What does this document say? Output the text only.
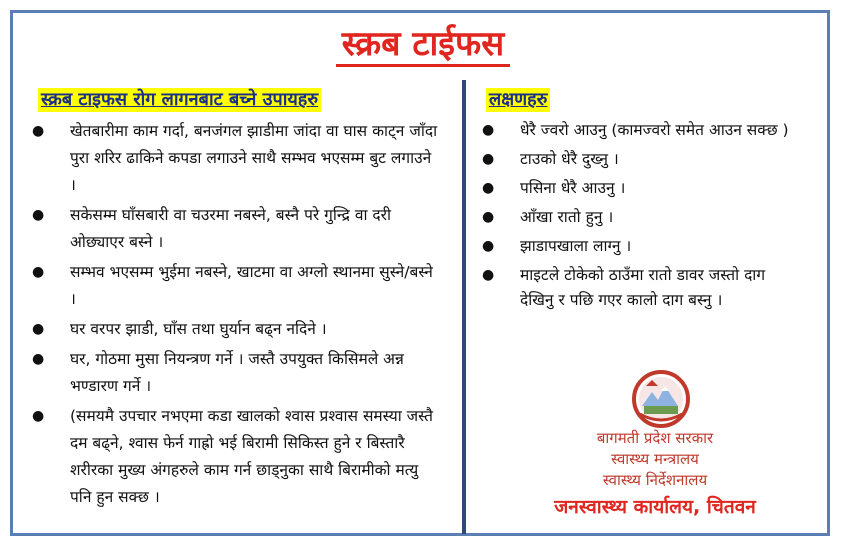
स्क्रब टाईफस
स्क्रब टाइफस रोग लागनबाट बच्ने उपायहरु
● खेतबारीमा काम गर्दा, बनजंगल झाडीमा जांदा वा घास काट्न जाँदा पुरा शरिर ढाकिने कपडा लगाउने साथै सम्भव भएसम्म बुट लगाउने ।
● सकेसम्म घाँसबारी वा चउरमा नबस्ने, बस्नै परे गुन्द्रि वा दरी ओछ्याएर बस्ने ।
● सम्भव भएसम्म भुईमा नबस्ने, खाटमा वा अग्लो स्थानमा सुस्ने/बस्ने ।
● घर वरपर झाडी, घाँस तथा घुर्यान बढ्न नदिने ।
● घर, गोठमा मुसा नियन्त्रण गर्ने । जस्तै उपयुक्त किसिमले अन्न भण्डारण गर्ने ।
● (समयमै उपचार नभएमा कडा खालको श्वास प्रश्वास समस्या जस्तै दम बढ्ने, श्वास फेर्न गाह्रो भई बिरामी सिकिस्त हुने र बिस्तारै शरीरका मुख्य अंगहरुले काम गर्न छाड्नुका साथै बिरामीको मत्यु पनि हुन सक्छ ।
लक्षणहरु
● धेरै ज्वरो आउनु (कामज्वरो समेत आउन सक्छ )
● टाउको धेरै दुख्नु ।
● पसिना धेरै आउनु ।
● आँखा रातो हुनु ।
● झाडापखाला लाग्नु ।
● माइटले टोकेको ठाउँमा रातो डावर जस्तो दाग देखिनु र पछि गएर कालो दाग बस्नु ।
बागमती प्रदेश सरकार
स्वास्थ्य मन्त्रालय
स्वास्थ्य निर्देशनालय
जनस्वास्थ्य कार्यालय, चितवन
